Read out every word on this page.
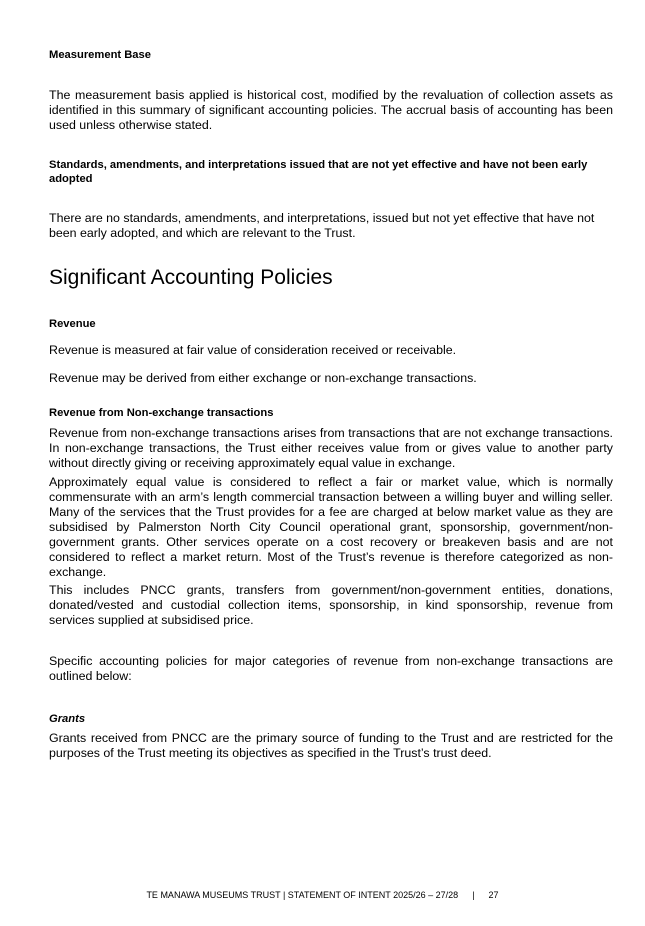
Measurement Base
The measurement basis applied is historical cost, modified by the revaluation of collection assets as identified in this summary of significant accounting policies. The accrual basis of accounting has been used unless otherwise stated.
Standards, amendments, and interpretations issued that are not yet effective and have not been early adopted
There are no standards, amendments, and interpretations, issued but not yet effective that have not been early adopted, and which are relevant to the Trust.
Significant Accounting Policies
Revenue
Revenue is measured at fair value of consideration received or receivable.
Revenue may be derived from either exchange or non-exchange transactions.
Revenue from Non-exchange transactions
Revenue from non-exchange transactions arises from transactions that are not exchange transactions. In non-exchange transactions, the Trust either receives value from or gives value to another party without directly giving or receiving approximately equal value in exchange.
Approximately equal value is considered to reflect a fair or market value, which is normally commensurate with an arm’s length commercial transaction between a willing buyer and willing seller. Many of the services that the Trust provides for a fee are charged at below market value as they are subsidised by Palmerston North City Council operational grant, sponsorship, government/non-government grants. Other services operate on a cost recovery or breakeven basis and are not considered to reflect a market return. Most of the Trust’s revenue is therefore categorized as non-exchange.
This includes PNCC grants, transfers from government/non-government entities, donations, donated/vested and custodial collection items, sponsorship, in kind sponsorship, revenue from services supplied at subsidised price.
Specific accounting policies for major categories of revenue from non-exchange transactions are outlined below:
Grants
Grants received from PNCC are the primary source of funding to the Trust and are restricted for the purposes of the Trust meeting its objectives as specified in the Trust’s trust deed.
TE MANAWA MUSEUMS TRUST | STATEMENT OF INTENT 2025/26 – 27/28 | 27
